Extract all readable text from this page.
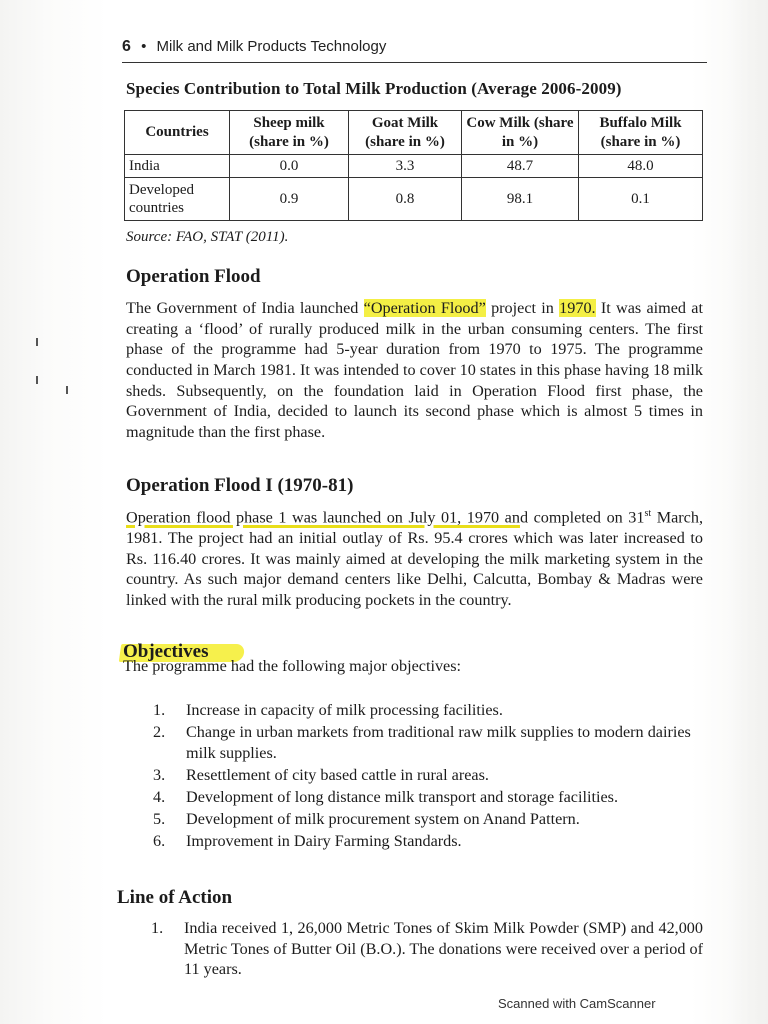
6 • Milk and Milk Products Technology
Species Contribution to Total Milk Production (Average 2006-2009)
Countries	Sheep milk (share in %)	Goat Milk (share in %)	Cow Milk (share in %)	Buffalo Milk (share in %)
India	0.0	3.3	48.7	48.0
Developed countries	0.9	0.8	98.1	0.1
Source: FAO, STAT (2011).
Operation Flood

The Government of India launched “Operation Flood” project in 1970. It was aimed at creating a ‘flood’ of rurally produced milk in the urban consuming centers. The first phase of the programme had 5-year duration from 1970 to 1975. The programme conducted in March 1981. It was intended to cover 10 states in this phase having 18 milk sheds. Subsequently, on the foundation laid in Operation Flood first phase, the Government of India, decided to launch its second phase which is almost 5 times in magnitude than the first phase.

Operation Flood I (1970-81)

Operation flood phase 1 was launched on July 01, 1970 and completed on 31st March, 1981. The project had an initial outlay of Rs. 95.4 crores which was later increased to Rs. 116.40 crores. It was mainly aimed at developing the milk marketing system in the country. As such major demand centers like Delhi, Calcutta, Bombay & Madras were linked with the rural milk producing pockets in the country.

Objectives

The programme had the following major objectives:

1. Increase in capacity of milk processing facilities.
2. Change in urban markets from traditional raw milk supplies to modern dairies milk supplies.
3. Resettlement of city based cattle in rural areas.
4. Development of long distance milk transport and storage facilities.
5. Development of milk procurement system on Anand Pattern.
6. Improvement in Dairy Farming Standards.
Line of Action
1. India received 1, 26,000 Metric Tones of Skim Milk Powder (SMP) and 42,000 Metric Tones of Butter Oil (B.O.). The donations were received over a period of 11 years.
Scanned with CamScanner
